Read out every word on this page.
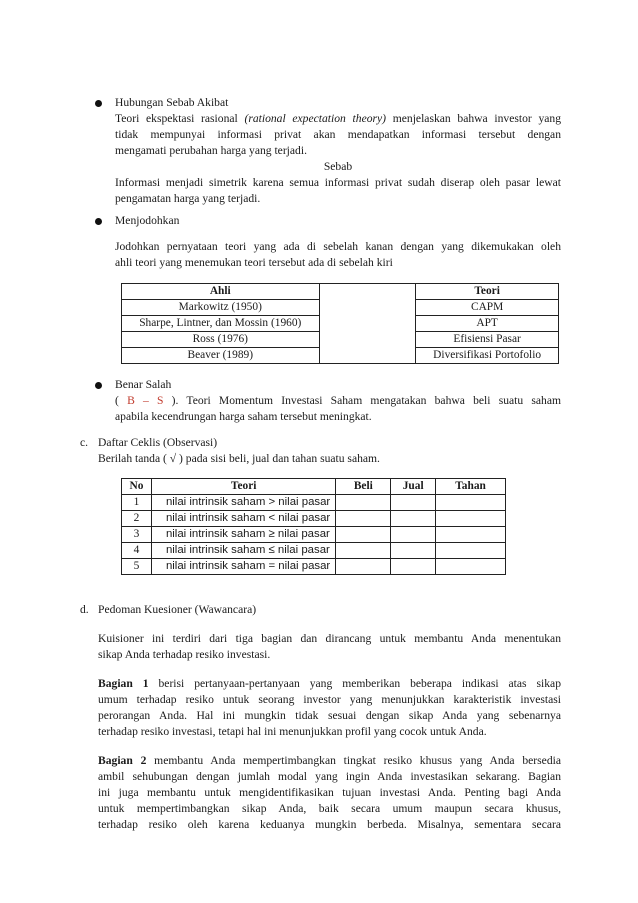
Hubungan Sebab Akibat
Teori ekspektasi rasional (rational expectation theory) menjelaskan bahwa investor yang
tidak mempunyai informasi privat akan mendapatkan informasi tersebut dengan
mengamati perubahan harga yang terjadi.
Sebab
Informasi menjadi simetrik karena semua informasi privat sudah diserap oleh pasar lewat
pengamatan harga yang terjadi.
Menjodohkan
Jodohkan pernyataan teori yang ada di sebelah kanan dengan yang dikemukakan oleh
ahli teori yang menemukan teori tersebut ada di sebelah kiri
Ahli		Teori
Markowitz (1950)		CAPM
Sharpe, Lintner, dan Mossin (1960)		APT
Ross (1976)		Efisiensi Pasar
Beaver (1989)		Diversifikasi Portofolio
Benar Salah
( B – S ). Teori Momentum Investasi Saham mengatakan bahwa beli suatu saham
apabila kecendrungan harga saham tersebut meningkat.
c. Daftar Ceklis (Observasi)
Berilah tanda ( √ ) pada sisi beli, jual dan tahan suatu saham.
No	Teori	Beli	Jual	Tahan
1	nilai intrinsik saham > nilai pasar			
2	nilai intrinsik saham < nilai pasar			
3	nilai intrinsik saham ≥ nilai pasar			
4	nilai intrinsik saham ≤ nilai pasar			
5	nilai intrinsik saham = nilai pasar			
d. Pedoman Kuesioner (Wawancara)
Kuisioner ini terdiri dari tiga bagian dan dirancang untuk membantu Anda menentukan
sikap Anda terhadap resiko investasi.
Bagian 1 berisi pertanyaan-pertanyaan yang memberikan beberapa indikasi atas sikap
umum terhadap resiko untuk seorang investor yang menunjukkan karakteristik investasi
perorangan Anda. Hal ini mungkin tidak sesuai dengan sikap Anda yang sebenarnya
terhadap resiko investasi, tetapi hal ini menunjukkan profil yang cocok untuk Anda.
Bagian 2 membantu Anda mempertimbangkan tingkat resiko khusus yang Anda bersedia
ambil sehubungan dengan jumlah modal yang ingin Anda investasikan sekarang. Bagian
ini juga membantu untuk mengidentifikasikan tujuan investasi Anda. Penting bagi Anda
untuk mempertimbangkan sikap Anda, baik secara umum maupun secara khusus,
terhadap resiko oleh karena keduanya mungkin berbeda. Misalnya, sementara secara
